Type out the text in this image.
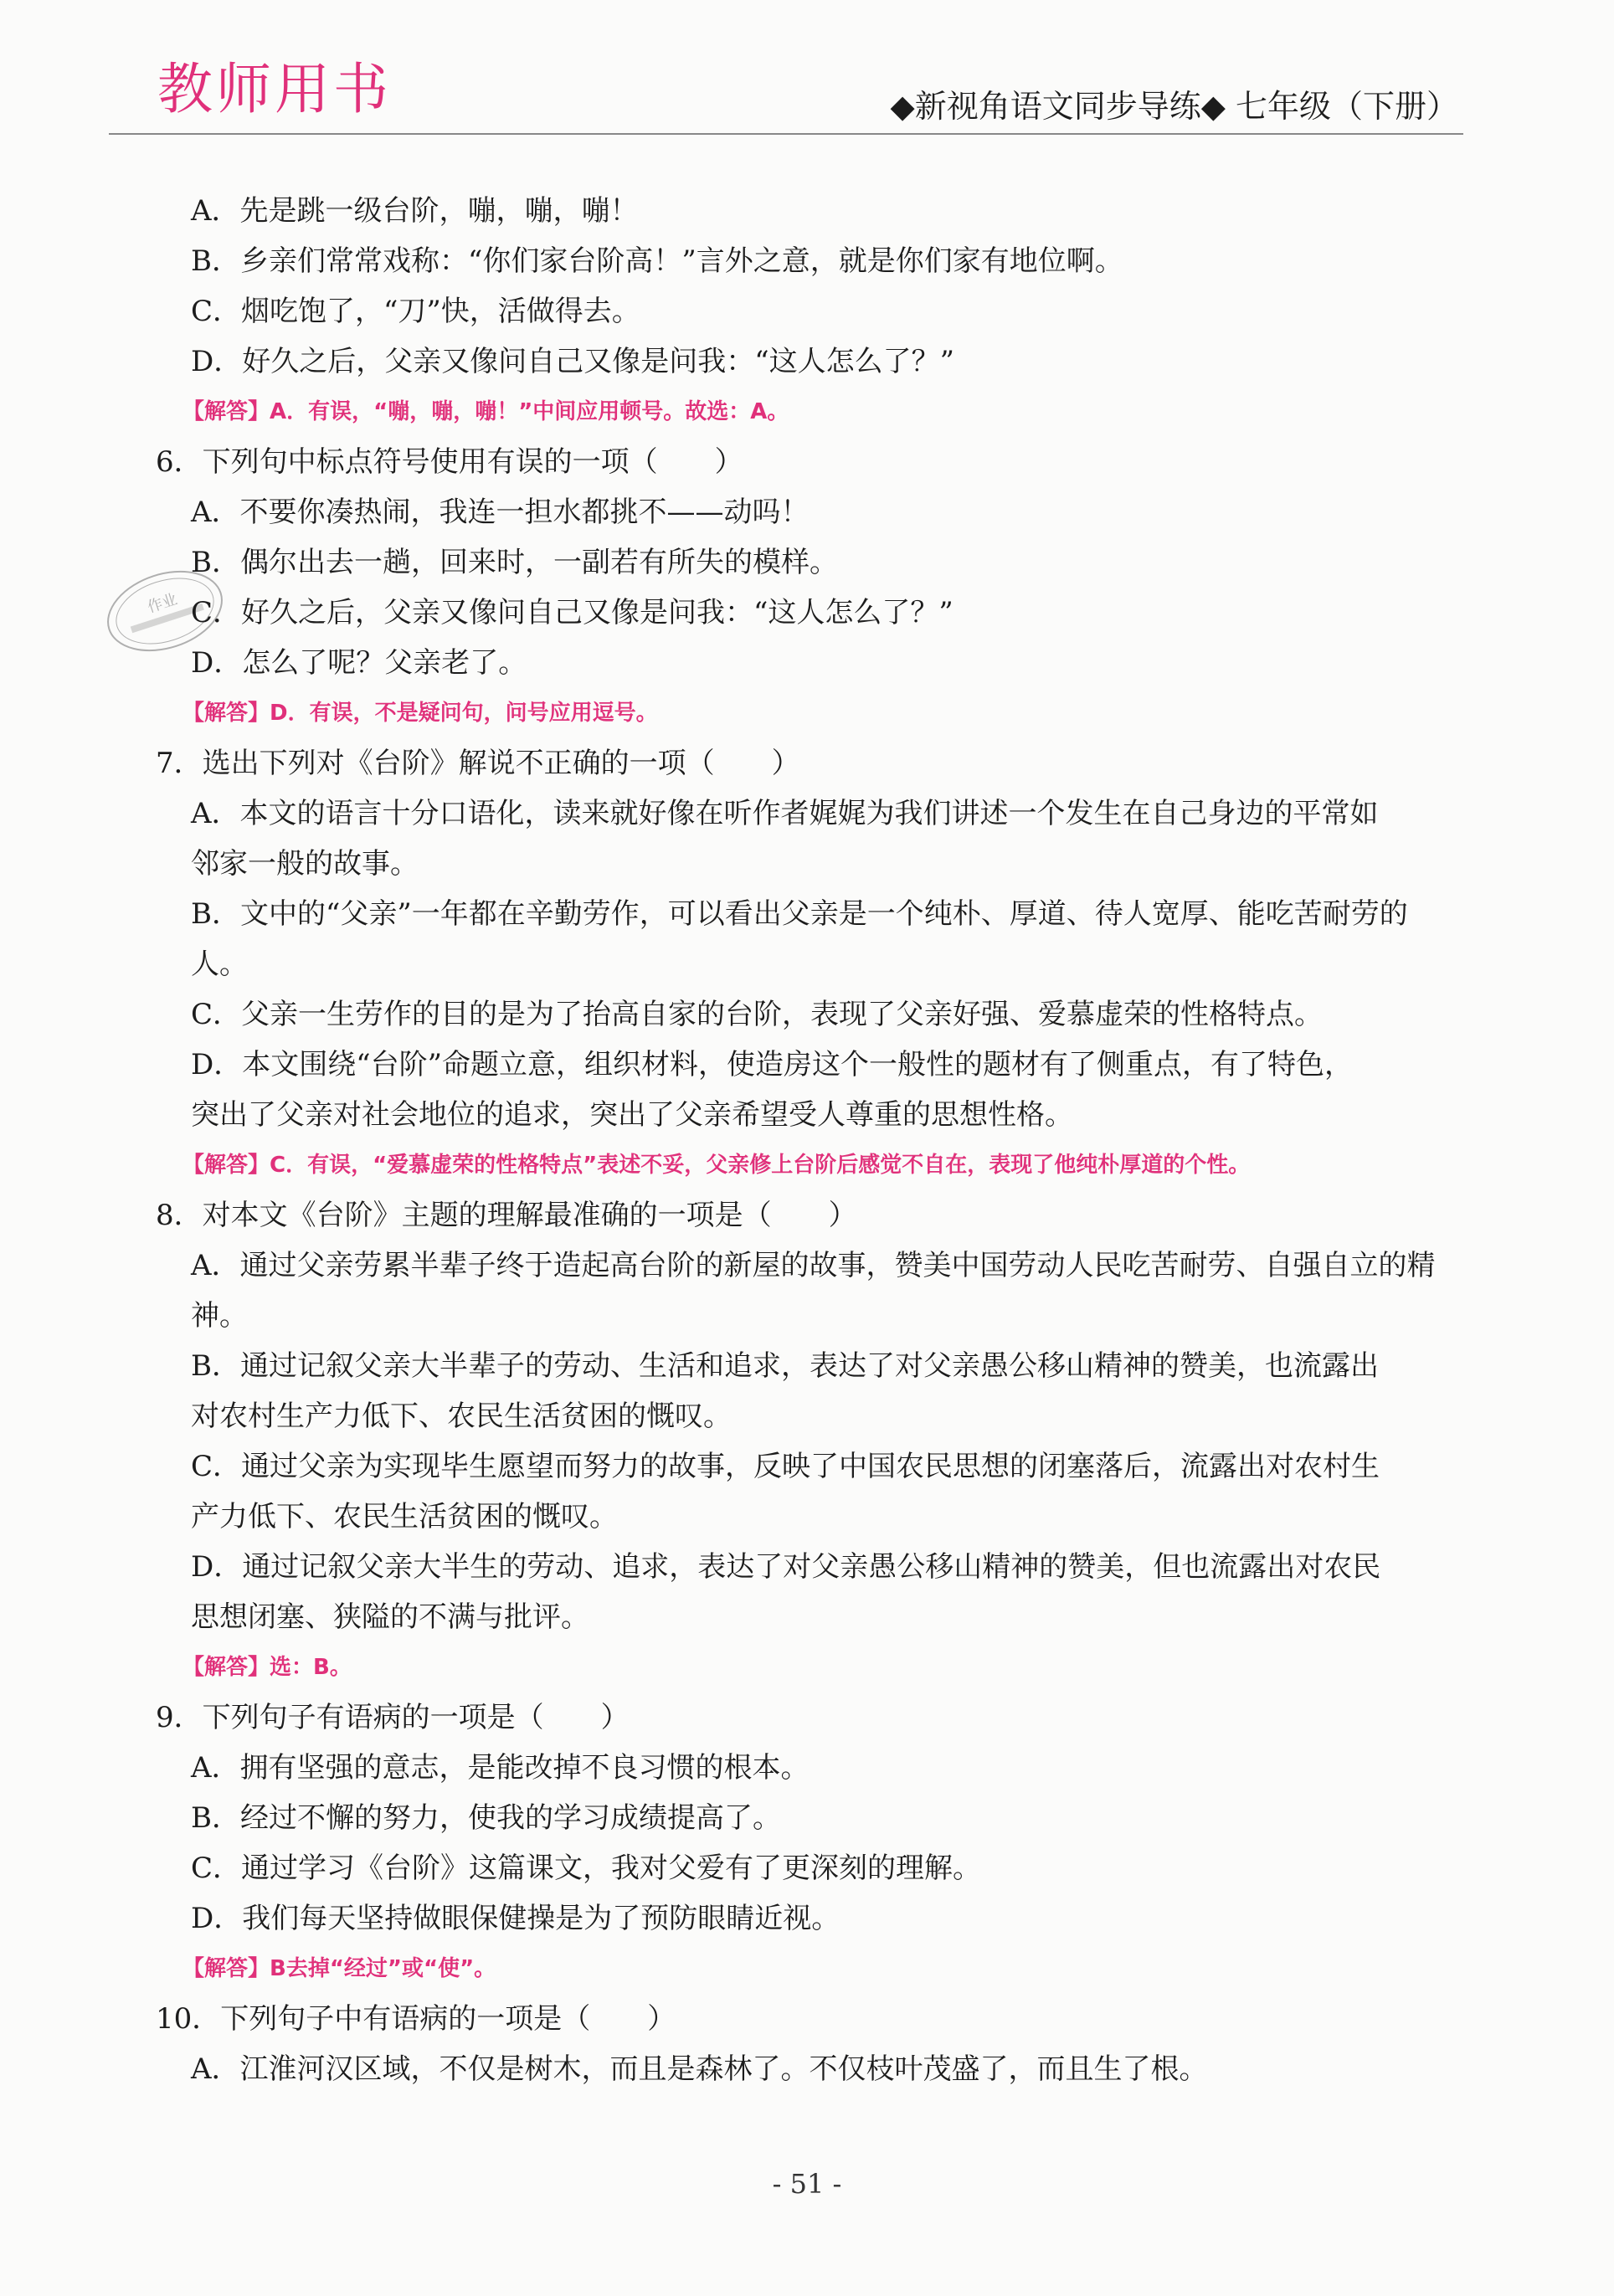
教师用书	◆新视角语文同步导练◆ 七年级（下册）
作业
A．先是跳一级台阶，嘣，嘣，嘣！
B．乡亲们常常戏称：“你们家台阶高！”言外之意，就是你们家有地位啊。
C．烟吃饱了，“刀”快，活做得去。
D．好久之后，父亲又像问自己又像是问我：“这人怎么了？”
【解答】A．有误，“嘣，嘣，嘣！”中间应用顿号。故选：A。
6．下列句中标点符号使用有误的一项（　　）
A．不要你凑热闹，我连一担水都挑不——动吗！
B．偶尔出去一趟，回来时，一副若有所失的模样。
C．好久之后，父亲又像问自己又像是问我：“这人怎么了？”
D．怎么了呢？父亲老了。
【解答】D．有误，不是疑问句，问号应用逗号。
7．选出下列对《台阶》解说不正确的一项（　　）
A．本文的语言十分口语化，读来就好像在听作者娓娓为我们讲述一个发生在自己身边的平常如
邻家一般的故事。
B．文中的“父亲”一年都在辛勤劳作，可以看出父亲是一个纯朴、厚道、待人宽厚、能吃苦耐劳的
人。
C．父亲一生劳作的目的是为了抬高自家的台阶，表现了父亲好强、爱慕虚荣的性格特点。
D．本文围绕“台阶”命题立意，组织材料，使造房这个一般性的题材有了侧重点，有了特色，
突出了父亲对社会地位的追求，突出了父亲希望受人尊重的思想性格。
【解答】C．有误，“爱慕虚荣的性格特点”表述不妥，父亲修上台阶后感觉不自在，表现了他纯朴厚道的个性。
8．对本文《台阶》主题的理解最准确的一项是（　　）
A．通过父亲劳累半辈子终于造起高台阶的新屋的故事，赞美中国劳动人民吃苦耐劳、自强自立的精
神。
B．通过记叙父亲大半辈子的劳动、生活和追求，表达了对父亲愚公移山精神的赞美，也流露出
对农村生产力低下、农民生活贫困的慨叹。
C．通过父亲为实现毕生愿望而努力的故事，反映了中国农民思想的闭塞落后，流露出对农村生
产力低下、农民生活贫困的慨叹。
D．通过记叙父亲大半生的劳动、追求，表达了对父亲愚公移山精神的赞美，但也流露出对农民
思想闭塞、狭隘的不满与批评。
【解答】选：B。
9．下列句子有语病的一项是（　　）
A．拥有坚强的意志，是能改掉不良习惯的根本。
B．经过不懈的努力，使我的学习成绩提高了。
C．通过学习《台阶》这篇课文，我对父爱有了更深刻的理解。
D．我们每天坚持做眼保健操是为了预防眼睛近视。
【解答】B去掉“经过”或“使”。
10．下列句子中有语病的一项是（　　）
A．江淮河汉区域，不仅是树木，而且是森林了。不仅枝叶茂盛了，而且生了根。
- 51 -
